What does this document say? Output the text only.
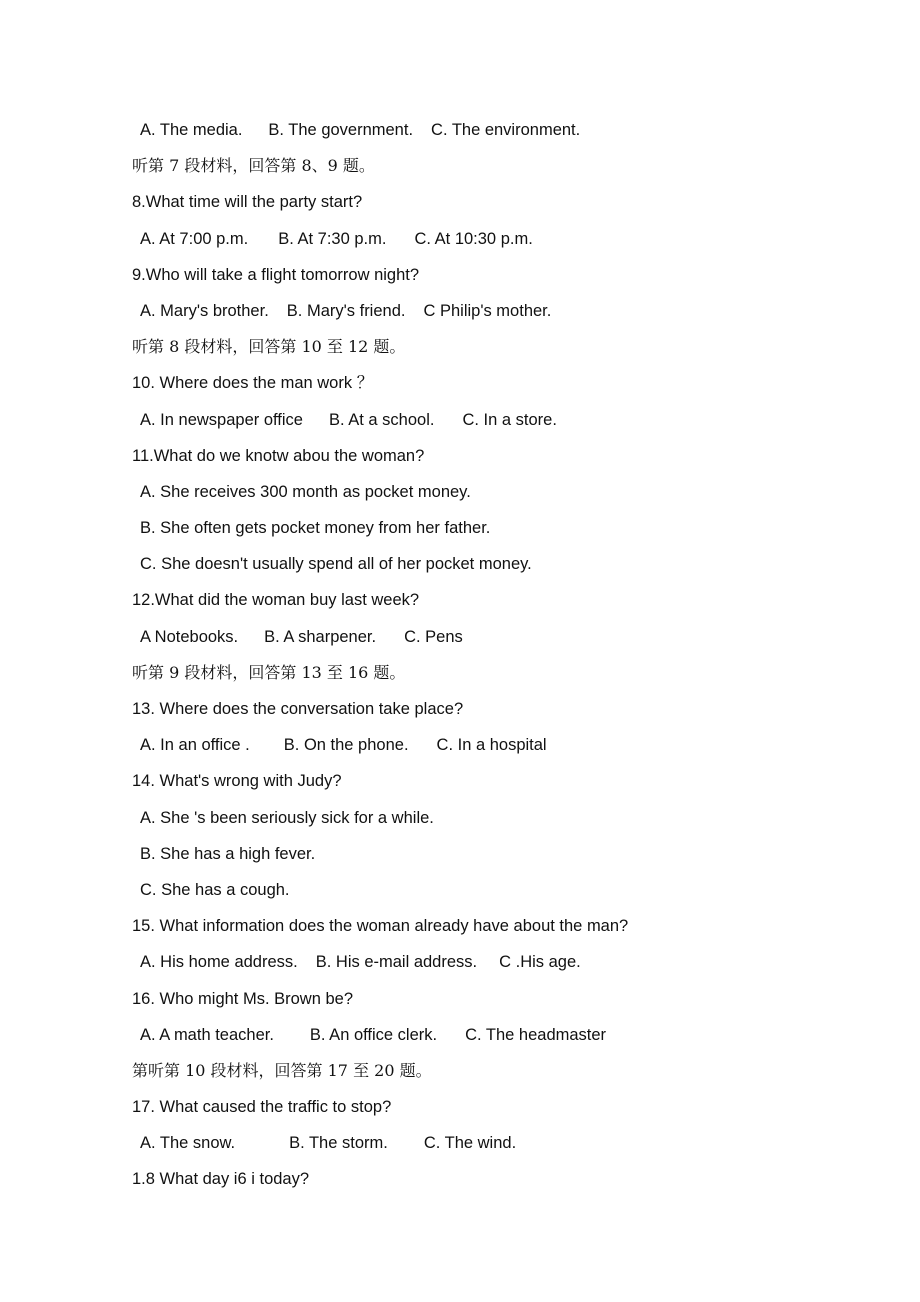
A. The media. B. The government. C. The environment.
听第 7 段材料，回答第 8、9 题。
8.What time will the party start?
A. At 7:00 p.m. B. At 7:30 p.m. C. At 10:30 p.m.
9.Who will take a flight tomorrow night?
A. Mary's brother. B. Mary's friend. C Philip's mother.
听第 8 段材料，回答第 10 至 12 题。
10. Where does the man work ？
A. In newspaper office B. At a school. C. In a store.
11.What do we knotw abou the woman?
A. She receives 300 month as pocket money.
B. She often gets pocket money from her father.
C. She doesn't usually spend all of her pocket money.
12.What did the woman buy last week?
A Notebooks. B. A sharpener. C. Pens
听第 9 段材料，回答第 13 至 16 题。
13. Where does the conversation take place?
A. In an office . B. On the phone. C. In a hospital
14. What's wrong with Judy?
A. She 's been seriously sick for a while.
B. She has a high fever.
C. She has a cough.
15. What information does the woman already have about the man?
A. His home address. B. His e-mail address. C .His age.
16. Who might Ms. Brown be?
A. A math teacher. B. An office clerk. C. The headmaster
第听第 10 段材料，回答第 17 至 20 题。
17. What caused the traffic to stop?
A. The snow.	B. The storm. C. The wind.
1.8 What day i6 i today?
